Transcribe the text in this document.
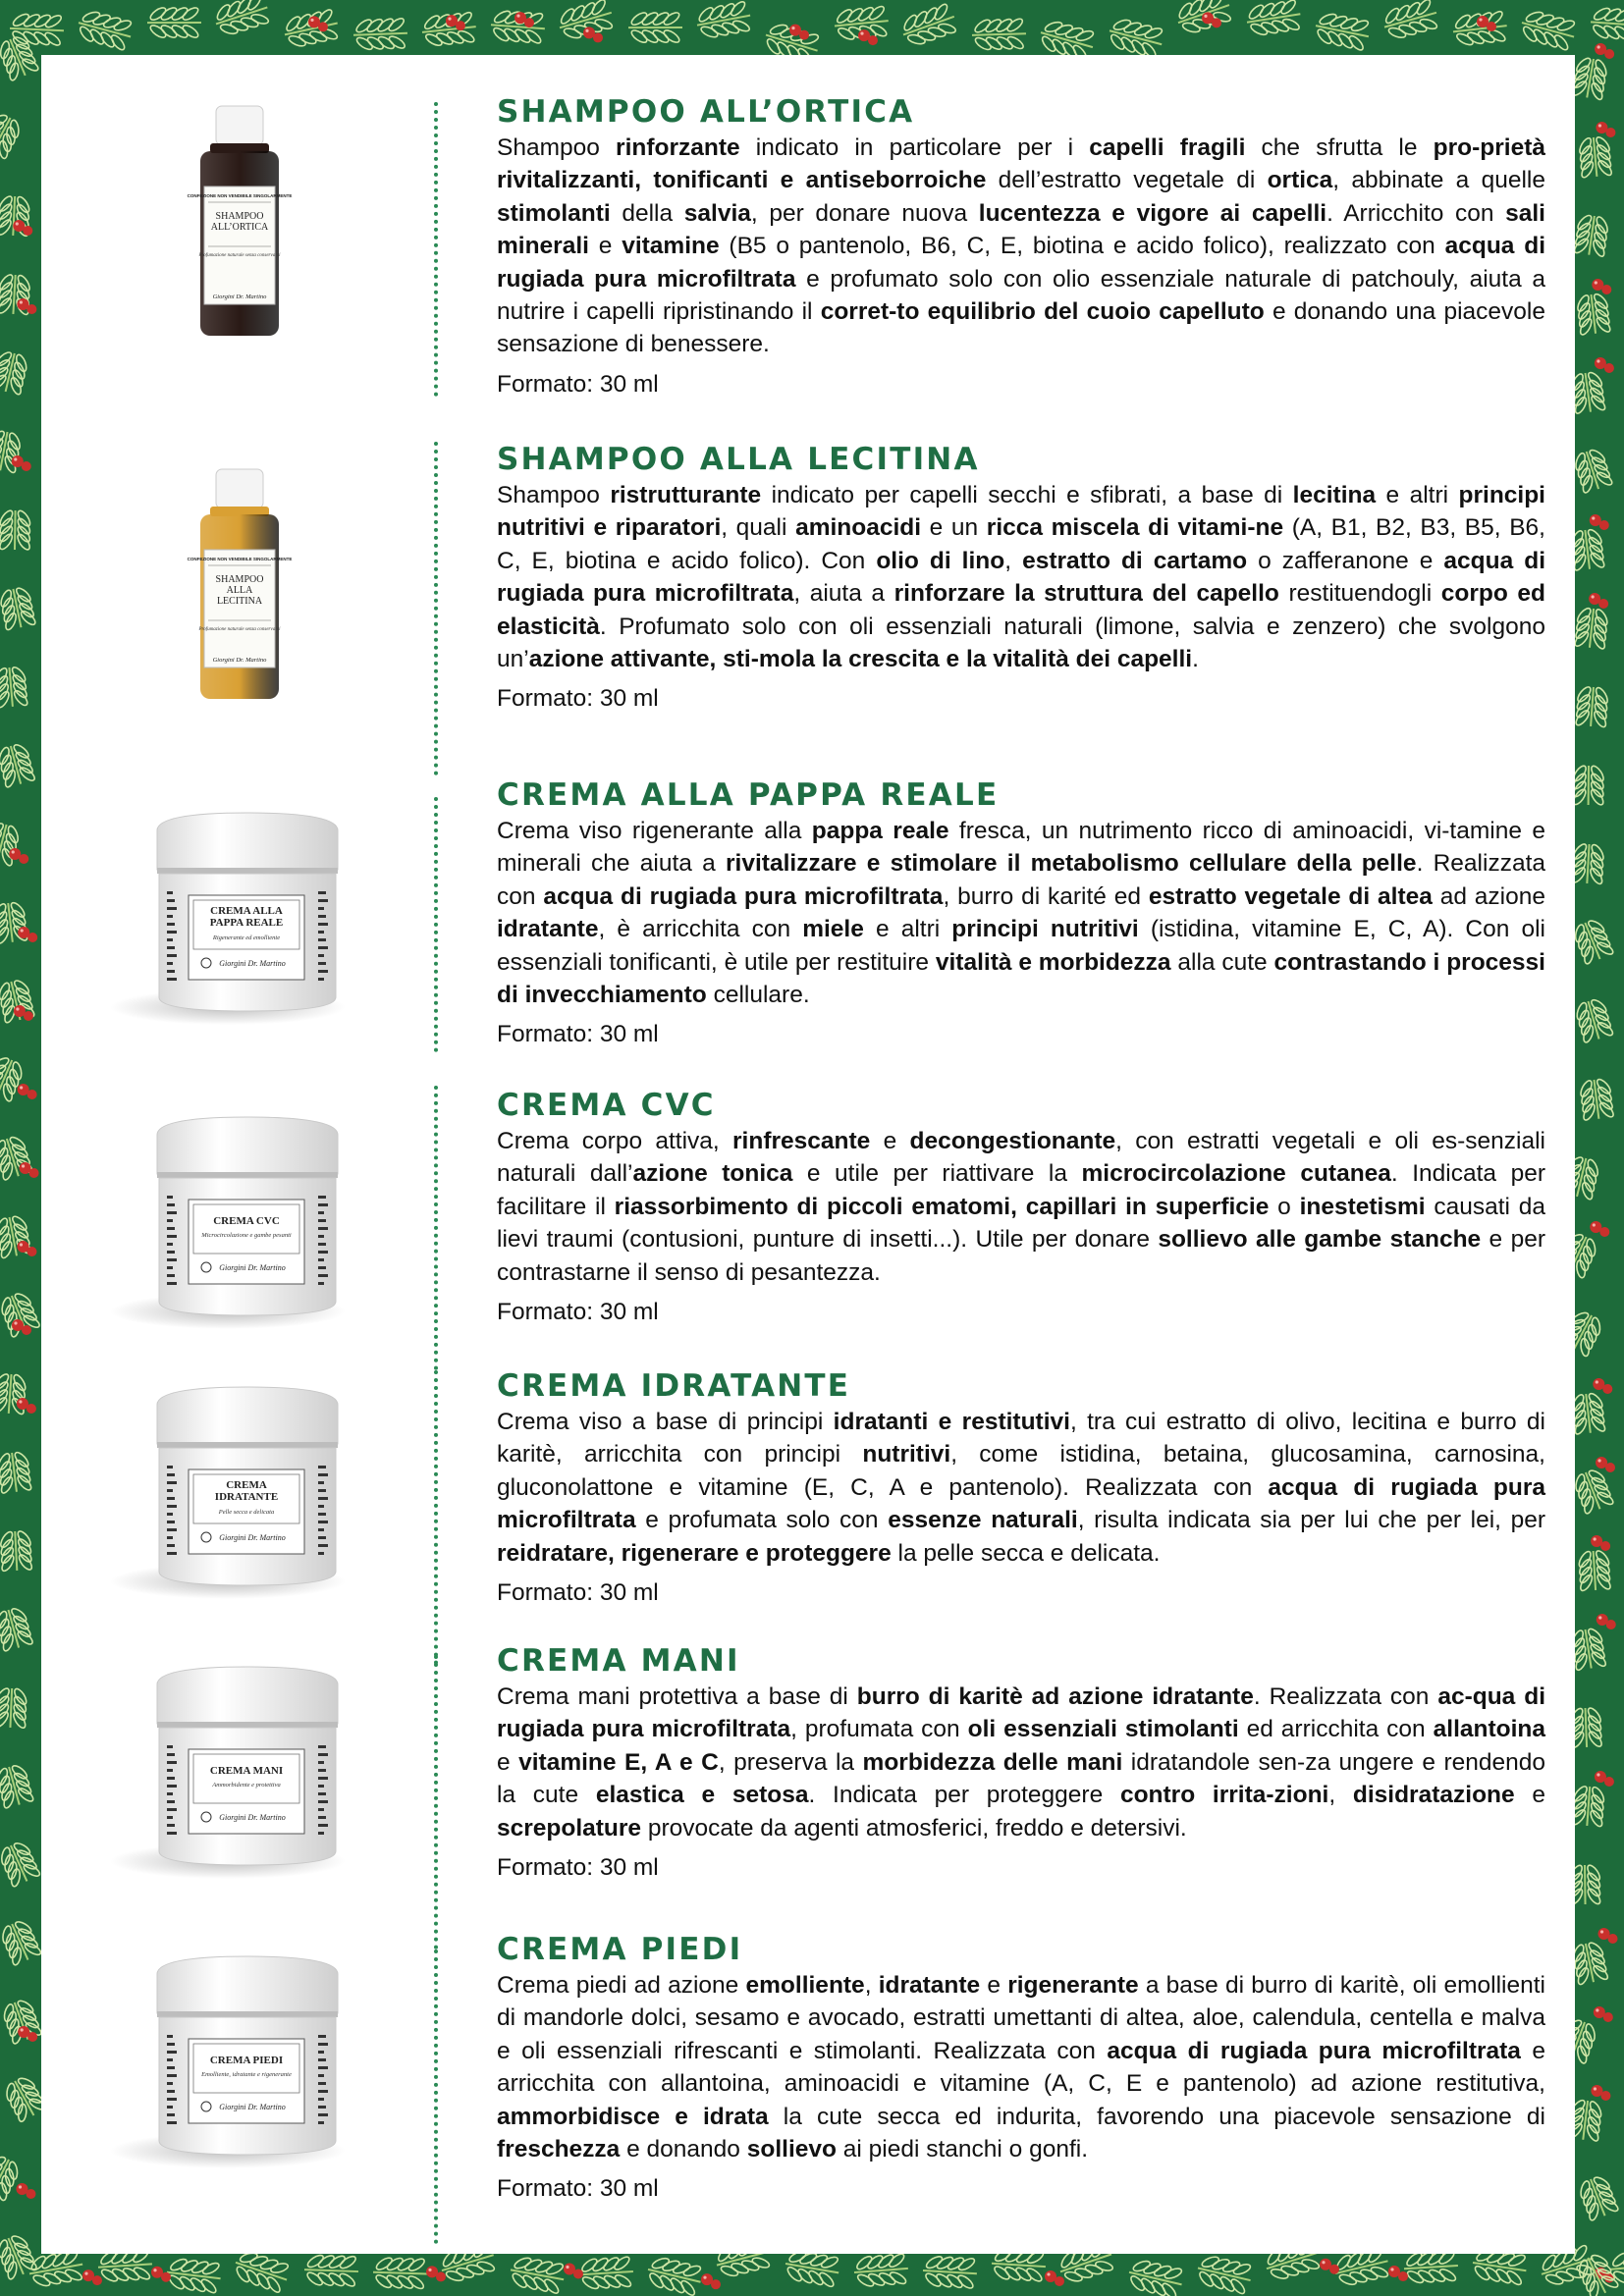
CONFEZIONE NON VENDIBILE SINGOLARMENTE
SHAMPOO
ALL’ORTICA
Profumazione naturale senza conservanti
Giorgini Dr. Martino
SHAMPOO ALL’ORTICA

Shampoo rinforzante indicato in particolare per i capelli fragili che sfrutta le pro-prietà rivitalizzanti, tonificanti e antiseborroiche dell’estratto vegetale di ortica, abbinate a quelle stimolanti della salvia, per donare nuova lucentezza e vigore ai capelli. Arricchito con sali minerali e vitamine (B5 o pantenolo, B6, C, E, biotina e acido folico), realizzato con acqua di rugiada pura microfiltrata e profumato solo con olio essenziale naturale di patchouly, aiuta a nutrire i capelli ripristinando il corret-to equilibrio del cuoio capelluto e donando una piacevole sensazione di benessere.

Formato: 30 ml
CONFEZIONE NON VENDIBILE SINGOLARMENTE
SHAMPOO
ALLA
LECITINA
Profumazione naturale senza conservanti
Giorgini Dr. Martino
SHAMPOO ALLA LECITINA

Shampoo ristrutturante indicato per capelli secchi e sfibrati, a base di lecitina e altri principi nutritivi e riparatori, quali aminoacidi e un ricca miscela di vitami-ne (A, B1, B2, B3, B5, B6, C, E, biotina e acido folico). Con olio di lino, estratto di cartamo o zafferanone e acqua di rugiada pura microfiltrata, aiuta a rinforzare la struttura del capello restituendogli corpo ed elasticità. Profumato solo con oli essenziali naturali (limone, salvia e zenzero) che svolgono un’azione attivante, sti-mola la crescita e la vitalità dei capelli.

Formato: 30 ml
CREMA ALLA
PAPPA REALE
Rigenerante ed emolliente
Giorgini Dr. Martino
CREMA ALLA PAPPA REALE

Crema viso rigenerante alla pappa reale fresca, un nutrimento ricco di aminoacidi, vi-tamine e minerali che aiuta a rivitalizzare e stimolare il metabolismo cellulare della pelle. Realizzata con acqua di rugiada pura microfiltrata, burro di karité ed estratto vegetale di altea ad azione idratante, è arricchita con miele e altri principi nutritivi (istidina, vitamine E, C, A). Con oli essenziali tonificanti, è utile per restituire vitalità e morbidezza alla cute contrastando i processi di invecchiamento cellulare.

Formato: 30 ml
CREMA CVC
Microcircolazione e gambe pesanti
Giorgini Dr. Martino
CREMA CVC

Crema corpo attiva, rinfrescante e decongestionante, con estratti vegetali e oli es-senziali naturali dall’azione tonica e utile per riattivare la microcircolazione cutanea. Indicata per facilitare il riassorbimento di piccoli ematomi, capillari in superficie o inestetismi causati da lievi traumi (contusioni, punture di insetti...). Utile per donare sollievo alle gambe stanche e per contrastarne il senso di pesantezza.

Formato: 30 ml
CREMA
IDRATANTE
Pelle secca e delicata
Giorgini Dr. Martino
CREMA IDRATANTE

Crema viso a base di principi idratanti e restitutivi, tra cui estratto di olivo, lecitina e burro di karitè, arricchita con principi nutritivi, come istidina, betaina, glucosamina, carnosina, gluconolattone e vitamine (E, C, A e pantenolo). Realizzata con acqua di rugiada pura microfiltrata e profumata solo con essenze naturali, risulta indicata sia per lui che per lei, per reidratare, rigenerare e proteggere la pelle secca e delicata.

Formato: 30 ml
CREMA MANI
Ammorbidente e protettiva
Giorgini Dr. Martino
CREMA MANI

Crema mani protettiva a base di burro di karitè ad azione idratante. Realizzata con ac-qua di rugiada pura microfiltrata, profumata con oli essenziali stimolanti ed arricchita con allantoina e vitamine E, A e C, preserva la morbidezza delle mani idratandole sen-za ungere e rendendo la cute elastica e setosa. Indicata per proteggere contro irrita-zioni, disidratazione e screpolature provocate da agenti atmosferici, freddo e detersivi.

Formato: 30 ml
CREMA PIEDI
Emolliente, idratante e rigenerante
Giorgini Dr. Martino
CREMA PIEDI

Crema piedi ad azione emolliente, idratante e rigenerante a base di burro di karitè, oli emollienti di mandorle dolci, sesamo e avocado, estratti umettanti di altea, aloe, calendula, centella e malva e oli essenziali rifrescanti e stimolanti. Realizzata con acqua di rugiada pura microfiltrata e arricchita con allantoina, aminoacidi e vitamine (A, C, E e pantenolo) ad azione restitutiva, ammorbidisce e idrata la cute secca ed indurita, favorendo una piacevole sensazione di freschezza e donando sollievo ai piedi stanchi o gonfi.

Formato: 30 ml
